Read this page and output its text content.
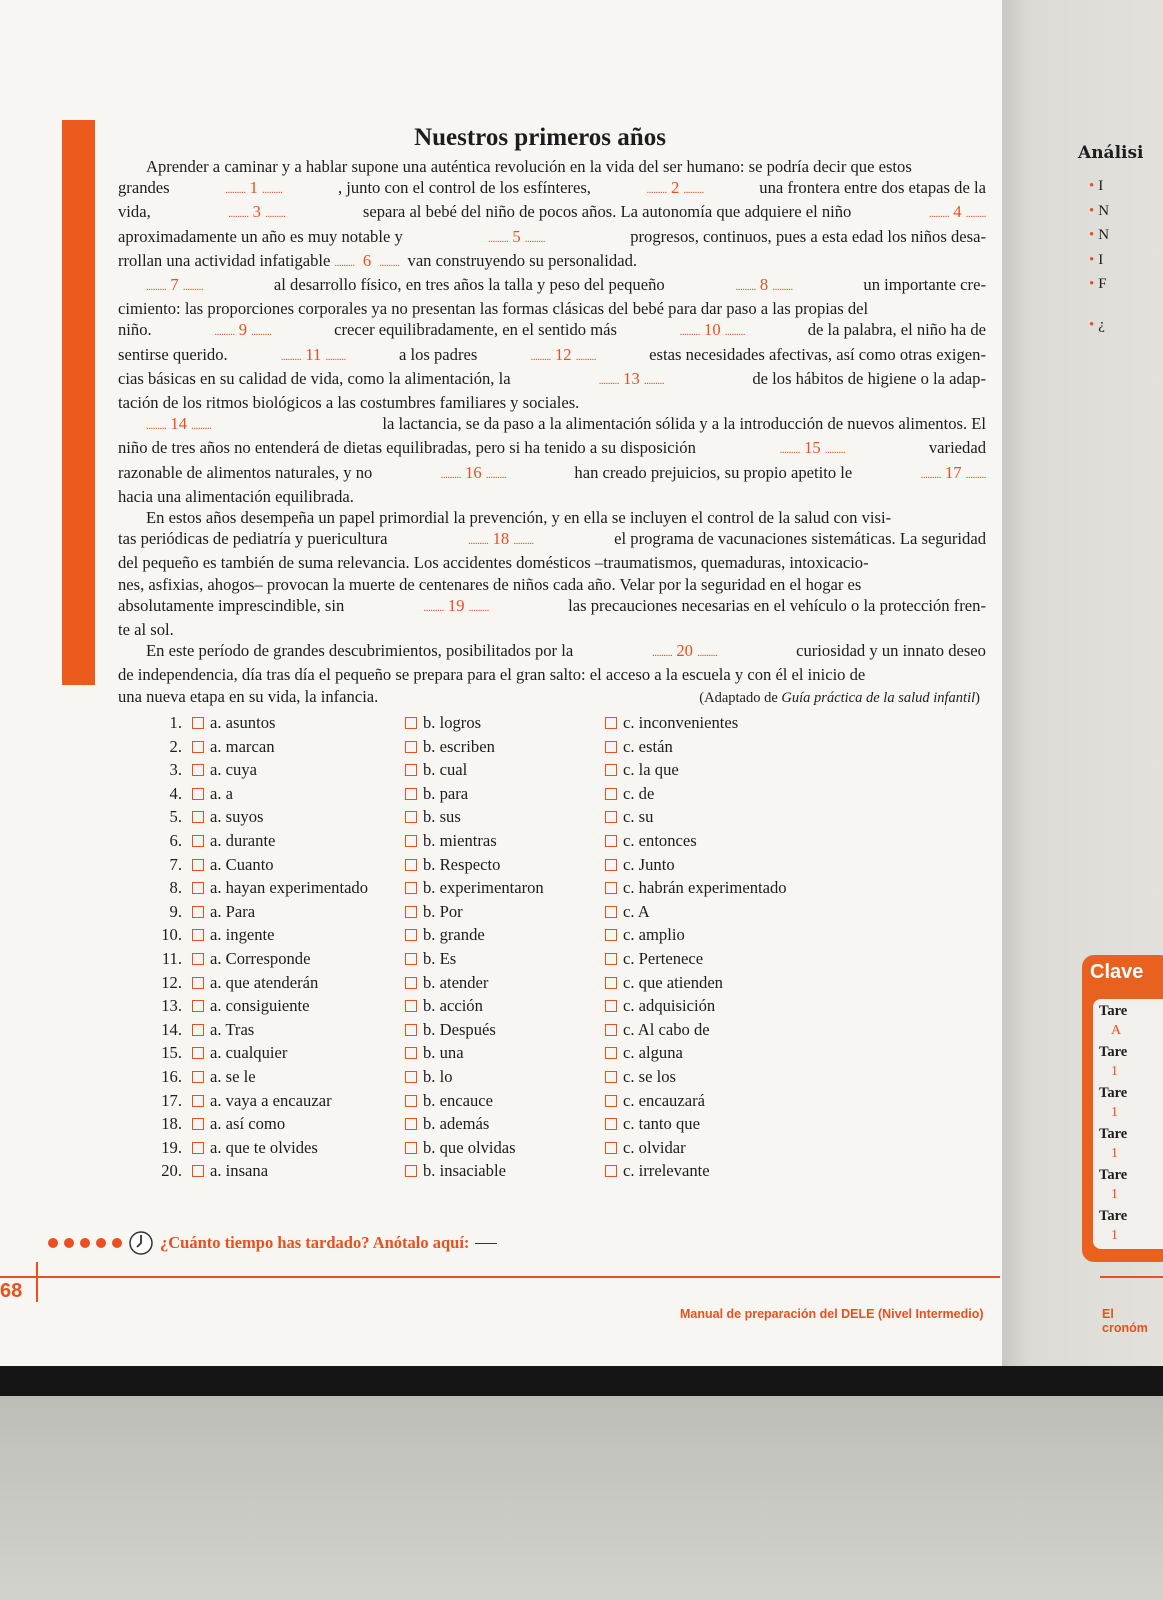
Nuestros primeros años
Aprender a caminar y a hablar supone una auténtica revolución en la vida del ser humano: se podría decir que estos
grandes	......... 1 .........	, junto con el control de los esfínteres,	......... 2 .........	una frontera entre dos etapas de la
vida,	......... 3 .........	separa al bebé del niño de pocos años. La autonomía que adquiere el niño	......... 4 .........
aproximadamente un año es muy notable y	......... 5 .........	progresos, continuos, pues a esta edad los niños desa-
rrollan una actividad infatigable ......... 6 ......... van construyendo su personalidad.
......... 7 .........	al desarrollo físico, en tres años la talla y peso del pequeño	......... 8 .........	un importante cre-
cimiento: las proporciones corporales ya no presentan las formas clásicas del bebé para dar paso a las propias del
niño.	......... 9 .........	crecer equilibradamente, en el sentido más	......... 10 .........	de la palabra, el niño ha de
sentirse querido.	......... 11 .........	a los padres	......... 12 .........	estas necesidades afectivas, así como otras exigen-
cias básicas en su calidad de vida, como la alimentación, la	......... 13 .........	de los hábitos de higiene o la adap-
tación de los ritmos biológicos a las costumbres familiares y sociales.
......... 14 .........	la lactancia, se da paso a la alimentación sólida y a la introducción de nuevos alimentos. El
niño de tres años no entenderá de dietas equilibradas, pero si ha tenido a su disposición	......... 15 .........	variedad
razonable de alimentos naturales, y no	......... 16 .........	han creado prejuicios, su propio apetito le	......... 17 .........
hacia una alimentación equilibrada.
En estos años desempeña un papel primordial la prevención, y en ella se incluyen el control de la salud con visi-
tas periódicas de pediatría y puericultura	......... 18 .........	el programa de vacunaciones sistemáticas. La seguridad
del pequeño es también de suma relevancia. Los accidentes domésticos –traumatismos, quemaduras, intoxicacio-
nes, asfixias, ahogos– provocan la muerte de centenares de niños cada año. Velar por la seguridad en el hogar es
absolutamente imprescindible, sin	......... 19 .........	las precauciones necesarias en el vehículo o la protección fren-
te al sol.
En este período de grandes descubrimientos, posibilitados por la	......... 20 .........	curiosidad y un innato deseo
de independencia, día tras día el pequeño se prepara para el gran salto: el acceso a la escuela y con él el inicio de
una nueva etapa en su vida, la infancia.	(Adaptado de Guía práctica de la salud infantil)
1. a. asuntos	b. logros	c. inconvenientes
2. a. marcan	b. escriben	c. están
3. a. cuya	b. cual	c. la que
4. a. a	b. para	c. de
5. a. suyos	b. sus	c. su
6. a. durante	b. mientras	c. entonces
7. a. Cuanto	b. Respecto	c. Junto
8. a. hayan experimentado	b. experimentaron	c. habrán experimentado
9. a. Para	b. Por	c. A
10. a. ingente	b. grande	c. amplio
11. a. Corresponde	b. Es	c. Pertenece
12. a. que atenderán	b. atender	c. que atienden
13. a. consiguiente	b. acción	c. adquisición
14. a. Tras	b. Después	c. Al cabo de
15. a. cualquier	b. una	c. alguna
16. a. se le	b. lo	c. se los
17. a. vaya a encauzar	b. encauce	c. encauzará
18. a. así como	b. además	c. tanto que
19. a. que te olvides	b. que olvidas	c. olvidar
20. a. insana	b. insaciable	c. irrelevante
¿Cuánto tiempo has tardado? Anótalo aquí:
68
Manual de preparación del DELE (Nivel Intermedio)
Análisi
• I
• N
• N
• I
• F
• ¿
Clave
Tare
A
Tare
1
Tare
1
Tare
1
Tare
1
Tare
1
El cronóm
